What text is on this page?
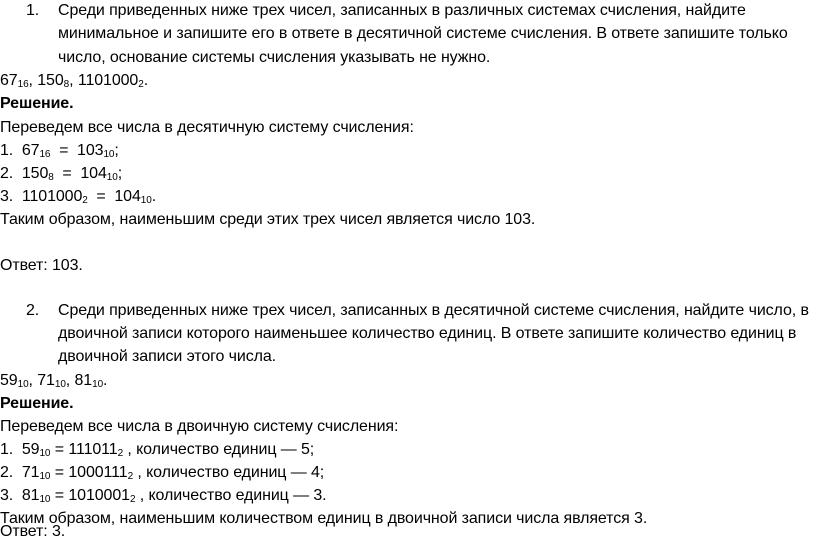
1. Среди приведенных ниже трех чисел, записанных в различных системах счисления, найдите
минимальное и запишите его в ответе в десятичной системе счисления. В ответе запишите только
число, основание системы счисления указывать не нужно.
$67_{16}$, $150_8$, $1101000_2$.
Решение.
Переведем все числа в десятичную систему счисления:
1. $67_{16} = 103_{10}$;
2. $150_8 = 104_{10}$;
3. $1101000_2 = 104_{10}$.
Таким образом, наименьшим среди этих трех чисел является число 103.
Ответ: 103.
2. Среди приведенных ниже трех чисел, записанных в десятичной системе счисления, найдите число, в
двоичной записи которого наименьшее количество единиц. В ответе запишите количество единиц в
двоичной записи этого числа.
$59_{10}$, $71_{10}$, $81_{10}$.
Решение.
Переведем все числа в двоичную систему счисления:
1. $59_{10} = 111011_2$ , количество единиц — 5;
2. $71_{10} = 1000111_2$ , количество единиц — 4;
3. $81_{10} = 1010001_2$ , количество единиц — 3.
Таким образом, наименьшим количеством единиц в двоичной записи числа является 3.
Ответ: 3.
